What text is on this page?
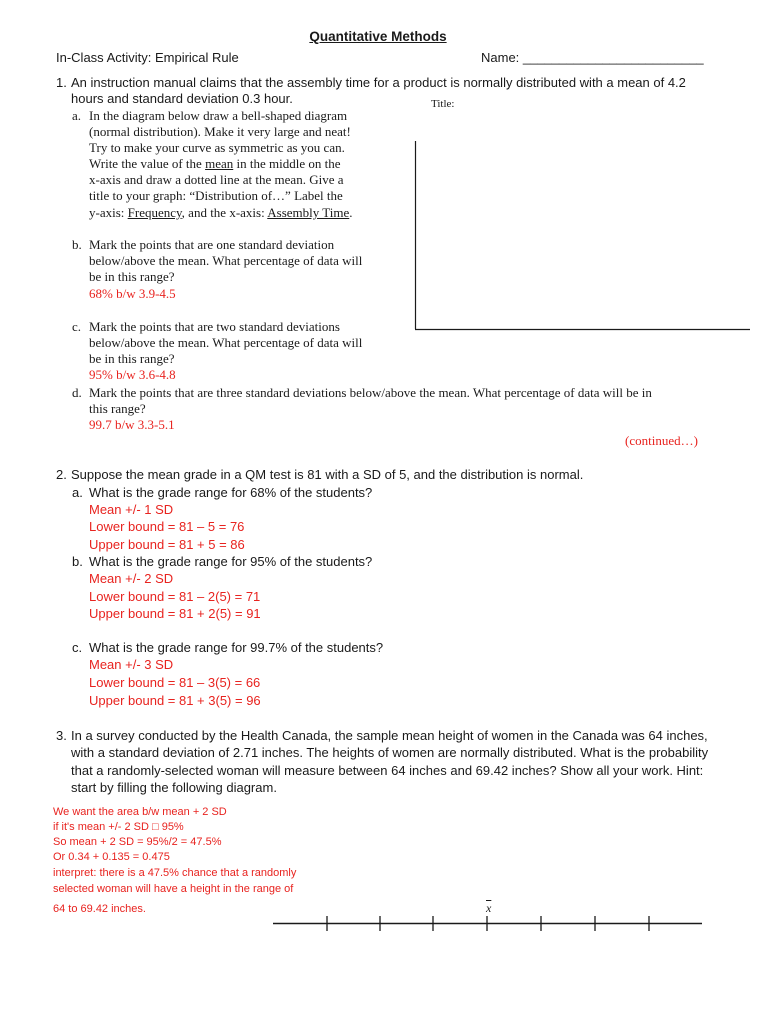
Quantitative Methods
In-Class Activity: Empirical Rule	Name: _________________________
1. An instruction manual claims that the assembly time for a product is normally distributed with a mean of 4.2
hours and standard deviation 0.3 hour.
a. In the diagram below draw a bell-shaped diagram
(normal distribution). Make it very large and neat!
Try to make your curve as symmetric as you can.
Write the value of the mean in the middle on the
x-axis and draw a dotted line at the mean. Give a
title to your graph: “Distribution of…” Label the
y-axis: Frequency, and the x-axis: Assembly Time.
Title:
b. Mark the points that are one standard deviation
below/above the mean. What percentage of data will
be in this range?
68% b/w 3.9-4.5
c. Mark the points that are two standard deviations
below/above the mean. What percentage of data will
be in this range?
95% b/w 3.6-4.8
d. Mark the points that are three standard deviations below/above the mean. What percentage of data will be in
this range?
99.7 b/w 3.3-5.1
(continued…)
2. Suppose the mean grade in a QM test is 81 with a SD of 5, and the distribution is normal.
a. What is the grade range for 68% of the students?
Mean +/- 1 SD
Lower bound = 81 – 5 = 76
Upper bound = 81 + 5 = 86
b. What is the grade range for 95% of the students?
Mean +/- 2 SD
Lower bound = 81 – 2(5) = 71
Upper bound = 81 + 2(5) = 91
c. What is the grade range for 99.7% of the students?
Mean +/- 3 SD
Lower bound = 81 – 3(5) = 66
Upper bound = 81 + 3(5) = 96
3. In a survey conducted by the Health Canada, the sample mean height of women in the Canada was 64 inches,
with a standard deviation of 2.71 inches. The heights of women are normally distributed. What is the probability
that a randomly-selected woman will measure between 64 inches and 69.42 inches? Show all your work. Hint:
start by filling the following diagram.
We want the area b/w mean + 2 SD
if it's mean +/- 2 SD □ 95%
So mean + 2 SD = 95%/2 = 47.5%
Or 0.34 + 0.135 = 0.475
interpret: there is a 47.5% chance that a randomly
selected woman will have a height in the range of
64 to 69.42 inches.	$\overline{x}$
